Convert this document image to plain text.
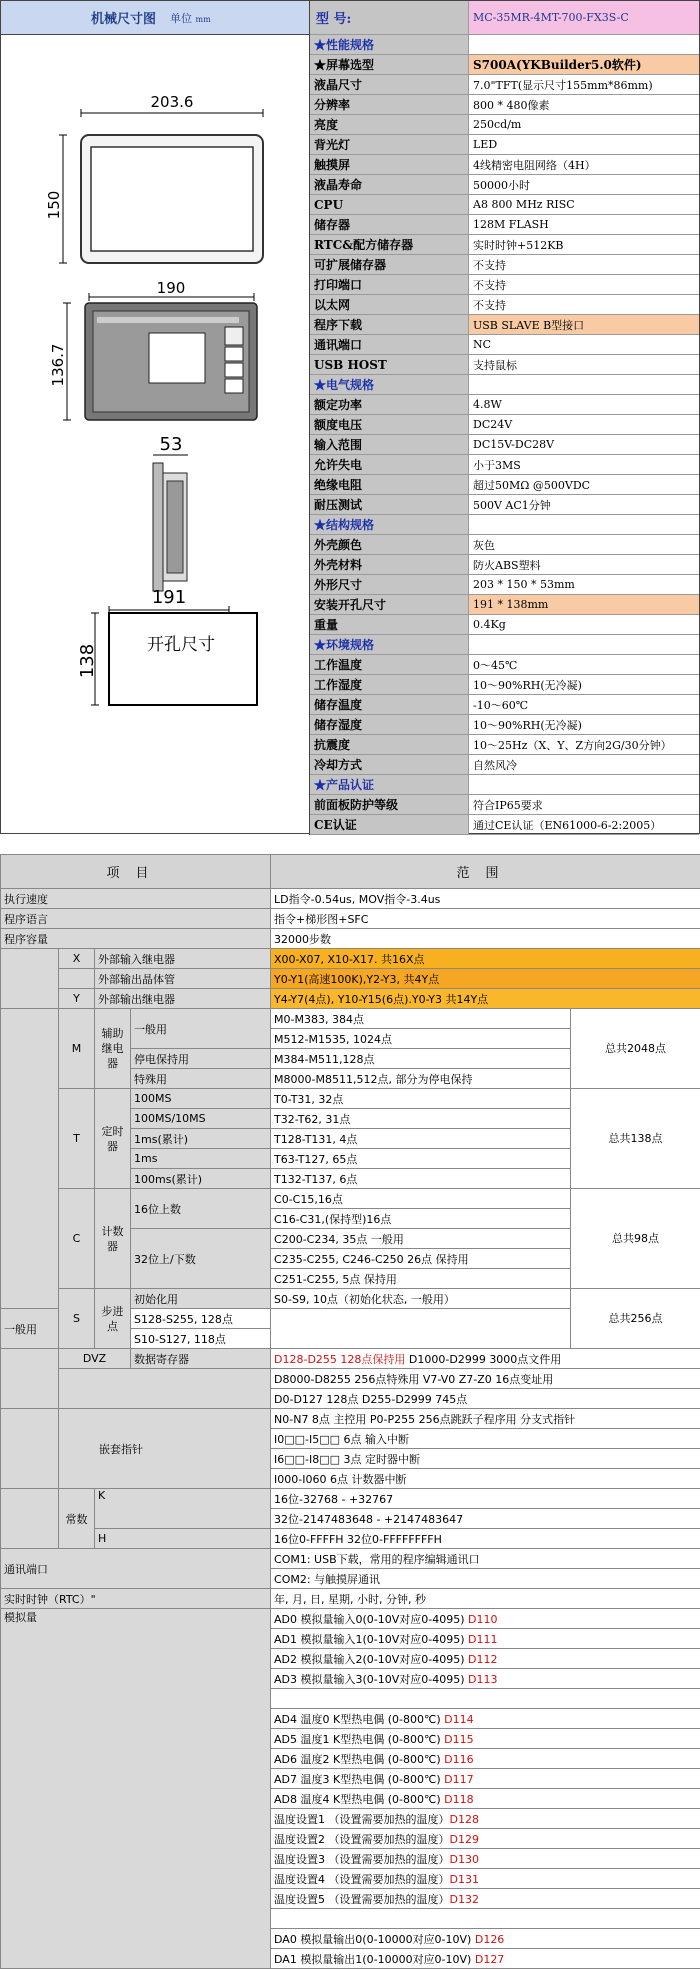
机械尺寸图 单位 mm
203.6
150
190
136.7
53
191
138	开孔尺寸
型 号:	MC-35MR-4MT-700-FX3S-C
★性能规格
★屏幕选型	S700A(YKBuilder5.0软件)
液晶尺寸	7.0"TFT(显示尺寸155mm*86mm)
分辨率	800 * 480像素
亮度	250cd/m
背光灯	LED
触摸屏	4线精密电阻网络（4H）
液晶寿命	50000小时
CPU	A8 800 MHz RISC
储存器	128M FLASH
RTC&配方储存器	实时时钟+512KB
可扩展储存器	不支持
打印端口	不支持
以太网	不支持
程序下载	USB SLAVE B型接口
通讯端口	NC
USB HOST	支持鼠标
★电气规格
额定功率	4.8W
额度电压	DC24V
输入范围	DC15V-DC28V
允许失电	小于3MS
绝缘电阻	超过50MΩ @500VDC
耐压测试	500V AC1分钟
★结构规格
外壳颜色	灰色
外壳材料	防火ABS塑料
外形尺寸	203 * 150 * 53mm
安装开孔尺寸	191 * 138mm
重量	0.4Kg
★环境规格
工作温度	0～45℃
工作湿度	10～90%RH(无冷凝)
储存温度	-10～60℃
储存湿度	10～90%RH(无冷凝)
抗震度	10～25Hz（X、Y、Z方向2G/30分钟）
冷却方式	自然风冷
★产品认证
前面板防护等级	符合IP65要求
CE认证	通过CE认证（EN61000-6-2:2005）
项目				范围	
执行速度				LD指令-0.54us, MOV指令-3.4us	
程序语言				指令+梯形图+SFC	
程序容量				32000步数	
	X	外部输入继电器		X00-X07, X10-X17. 共16X点	
		外部输出晶体管		Y0-Y1(高速100K),Y2-Y3, 共4Y点	
	Y	外部输出继电器		Y4-Y7(4点), Y10-Y15(6点).Y0-Y3 共14Y点	
	M	辅助继电器	一般用	M0-M383, 384点	总共2048点
				M512-M1535, 1024点	
			停电保持用	M384-M511,128点	
			特殊用	M8000-M8511,512点, 部分为停电保持	
	T	定时器	100MS	T0-T31, 32点	总共138点
			100MS/10MS	T32-T62, 31点	
			1ms(累计)	T128-T131, 4点	
			1ms	T63-T127, 65点	
			100ms(累计)	T132-T137, 6点	
	C	计数器	16位上数	C0-C15,16点	总共98点
				C16-C31,(保持型)16点	
			32位上/下数	C200-C234, 35点 一般用	
				C235-C255, C246-C250 26点 保持用	
				C251-C255, 5点 保持用	
	S	步进点	初始化用	S0-S9, 10点（初始化状态, 一般用）	总共256点
一般用			S128-S255, 128点		
			S10-S127, 118点		
	DVZ		数据寄存器	D128-D255 128点保持用 D1000-D2999 3000点文件用	
				D8000-D8255 256点特殊用 V7-V0 Z7-Z0 16点变址用	
				D0-D127 128点 D255-D2999 745点	
	嵌套指针			N0-N7 8点 主控用 P0-P255 256点跳跃子程序用 分支式指针	
				I0□□-I5□□ 6点 输入中断	
				I6□□-I8□□ 3点 定时器中断	
				I000-I060 6点 计数器中断	
	常数	K		16位-32768 - +32767	
				32位-2147483648 - +2147483647	
		H		16位0-FFFFH 32位0-FFFFFFFFH	
通讯端口				COM1: USB下载，常用的程序编辑通讯口	
				COM2: 与触摸屏通讯	
实时时钟（RTC）"				年, 月, 日, 星期, 小时, 分钟, 秒	
模拟量				AD0 模拟量输入0(0-10V对应0-4095) D110	
				AD1 模拟量输入1(0-10V对应0-4095) D111	
				AD2 模拟量输入2(0-10V对应0-4095) D112	
				AD3 模拟量输入3(0-10V对应0-4095) D113	

				AD4 温度0 K型热电偶 (0-800℃) D114	
				AD5 温度1 K型热电偶 (0-800℃) D115	
				AD6 温度2 K型热电偶 (0-800℃) D116	
				AD7 温度3 K型热电偶 (0-800℃) D117	
				AD8 温度4 K型热电偶 (0-800℃) D118	
				温度设置1 （设置需要加热的温度）D128	
				温度设置2 （设置需要加热的温度）D129	
				温度设置3 （设置需要加热的温度）D130	
				温度设置4 （设置需要加热的温度）D131	
				温度设置5 （设置需要加热的温度）D132	

				DA0 模拟量输出0(0-10000对应0-10V) D126	
				DA1 模拟量输出1(0-10000对应0-10V) D127	
